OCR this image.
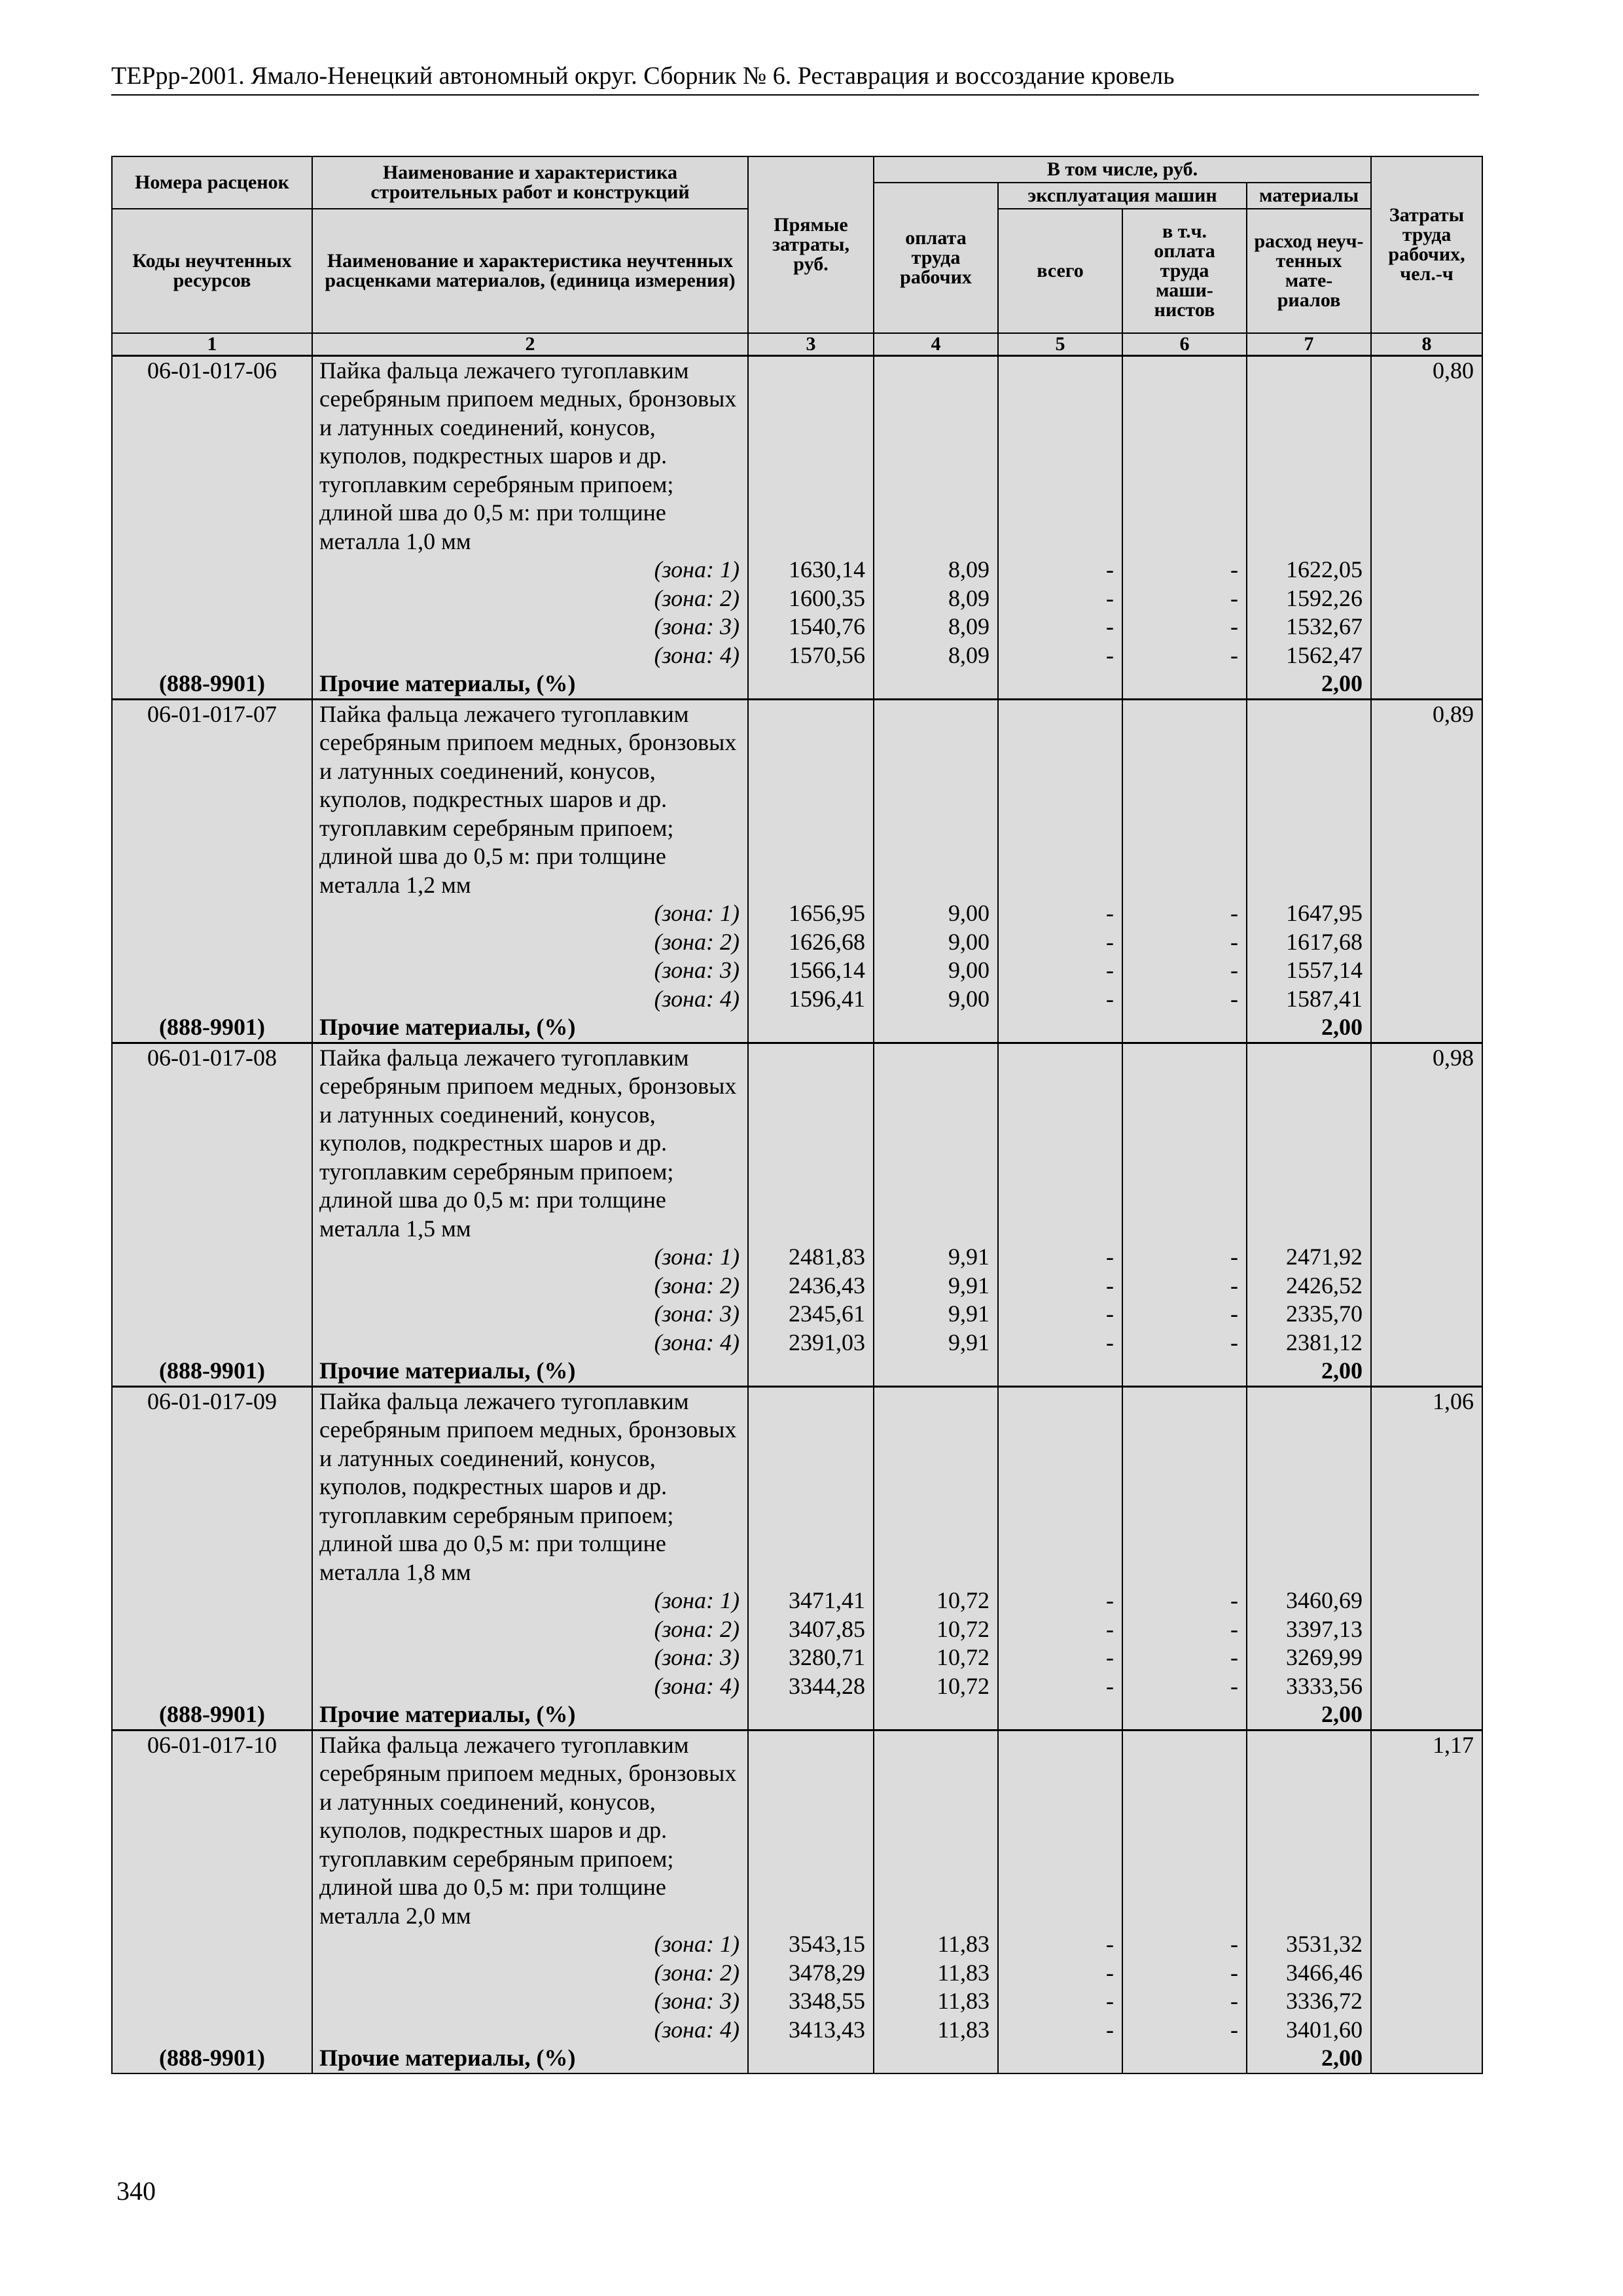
ТЕРрр-2001. Ямало-Ненецкий автономный округ. Сборник № 6. Реставрация и воссоздание кровель
Номера расценок	Наименование и характеристика строительных работ и конструкций	Прямые затраты, руб.	В том числе, руб.				Затраты труда рабочих, чел.-ч
			оплата труда рабочих	эксплуатация машин		материалы	
Коды неучтенных ресурсов	Наименование и характеристика неучтенных расценками материалов, (единица измерения)			всего	в т.ч. оплата труда маши-нистов	расход неуч-тенных мате-риалов	

1	2	3	4	5	6	7	8
06-01-017-06	Пайка фальца лежачего тугоплавким серебряным припоем медных, бронзовых и латунных соединений, конусов, куполов, подкрестных шаров и др. тугоплавким серебряным припоем; длиной шва до 0,5 м: при толщине металла 1,0 мм						0,80
	(зона: 1)	1630,14	8,09	-	-	1622,05	
	(зона: 2)	1600,35	8,09	-	-	1592,26	
	(зона: 3)	1540,76	8,09	-	-	1532,67	
	(зона: 4)	1570,56	8,09	-	-	1562,47	
(888-9901)	Прочие материалы, (%)					2,00	
06-01-017-07	Пайка фальца лежачего тугоплавким серебряным припоем медных, бронзовых и латунных соединений, конусов, куполов, подкрестных шаров и др. тугоплавким серебряным припоем; длиной шва до 0,5 м: при толщине металла 1,2 мм						0,89
	(зона: 1)	1656,95	9,00	-	-	1647,95	
	(зона: 2)	1626,68	9,00	-	-	1617,68	
	(зона: 3)	1566,14	9,00	-	-	1557,14	
	(зона: 4)	1596,41	9,00	-	-	1587,41	
(888-9901)	Прочие материалы, (%)					2,00	
06-01-017-08	Пайка фальца лежачего тугоплавким серебряным припоем медных, бронзовых и латунных соединений, конусов, куполов, подкрестных шаров и др. тугоплавким серебряным припоем; длиной шва до 0,5 м: при толщине металла 1,5 мм						0,98
	(зона: 1)	2481,83	9,91	-	-	2471,92	
	(зона: 2)	2436,43	9,91	-	-	2426,52	
	(зона: 3)	2345,61	9,91	-	-	2335,70	
	(зона: 4)	2391,03	9,91	-	-	2381,12	
(888-9901)	Прочие материалы, (%)					2,00	
06-01-017-09	Пайка фальца лежачего тугоплавким серебряным припоем медных, бронзовых и латунных соединений, конусов, куполов, подкрестных шаров и др. тугоплавким серебряным припоем; длиной шва до 0,5 м: при толщине металла 1,8 мм						1,06
	(зона: 1)	3471,41	10,72	-	-	3460,69	
	(зона: 2)	3407,85	10,72	-	-	3397,13	
	(зона: 3)	3280,71	10,72	-	-	3269,99	
	(зона: 4)	3344,28	10,72	-	-	3333,56	
(888-9901)	Прочие материалы, (%)					2,00	
06-01-017-10	Пайка фальца лежачего тугоплавким серебряным припоем медных, бронзовых и латунных соединений, конусов, куполов, подкрестных шаров и др. тугоплавким серебряным припоем; длиной шва до 0,5 м: при толщине металла 2,0 мм						1,17
	(зона: 1)	3543,15	11,83	-	-	3531,32	
	(зона: 2)	3478,29	11,83	-	-	3466,46	
	(зона: 3)	3348,55	11,83	-	-	3336,72	
	(зона: 4)	3413,43	11,83	-	-	3401,60	
(888-9901)	Прочие материалы, (%)					2,00	
340
